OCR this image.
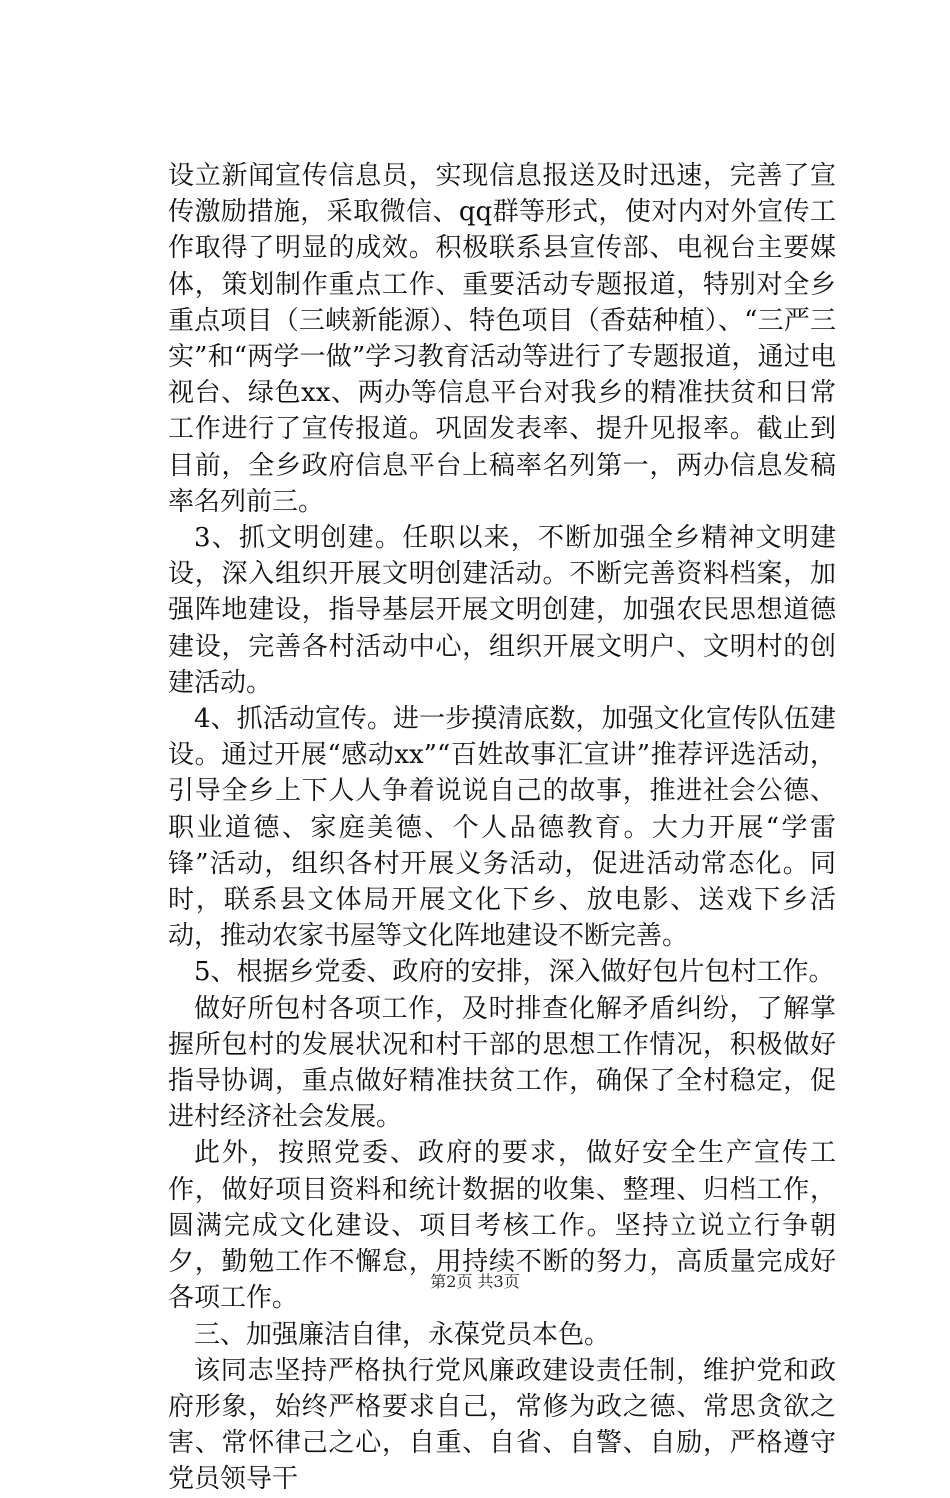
设立新闻宣传信息员，实现信息报送及时迅速，完善了宣传激励措施，采取微信、qq群等形式，使对内对外宣传工作取得了明显的成效。积极联系县宣传部、电视台主要媒体，策划制作重点工作、重要活动专题报道，特别对全乡重点项目（三峡新能源）、特色项目（香菇种植）、“三严三实”和“两学一做”学习教育活动等进行了专题报道，通过电视台、绿色xx、两办等信息平台对我乡的精准扶贫和日常工作进行了宣传报道。巩固发表率、提升见报率。截止到目前，全乡政府信息平台上稿率名列第一，两办信息发稿率名列前三。

3、抓文明创建。任职以来，不断加强全乡精神文明建设，深入组织开展文明创建活动。不断完善资料档案，加强阵地建设，指导基层开展文明创建，加强农民思想道德建设，完善各村活动中心，组织开展文明户、文明村的创建活动。

4、抓活动宣传。进一步摸清底数，加强文化宣传队伍建设。通过开展“感动xx”“百姓故事汇宣讲”推荐评选活动，引导全乡上下人人争着说说自己的故事，推进社会公德、职业道德、家庭美德、个人品德教育。大力开展“学雷锋”活动，组织各村开展义务活动，促进活动常态化。同时，联系县文体局开展文化下乡、放电影、送戏下乡活动，推动农家书屋等文化阵地建设不断完善。

5、根据乡党委、政府的安排，深入做好包片包村工作。

做好所包村各项工作，及时排查化解矛盾纠纷，了解掌握所包村的发展状况和村干部的思想工作情况，积极做好指导协调，重点做好精准扶贫工作，确保了全村稳定，促进村经济社会发展。

此外，按照党委、政府的要求，做好安全生产宣传工作，做好项目资料和统计数据的收集、整理、归档工作，圆满完成文化建设、项目考核工作。坚持立说立行争朝夕，勤勉工作不懈怠，用持续不断的努力，高质量完成好各项工作。

三、加强廉洁自律，永葆党员本色。

该同志坚持严格执行党风廉政建设责任制，维护党和政府形象，始终严格要求自己，常修为政之德、常思贪欲之害、常怀律己之心，自重、自省、自警、自励，严格遵守党员领导干

第2页 共3页
